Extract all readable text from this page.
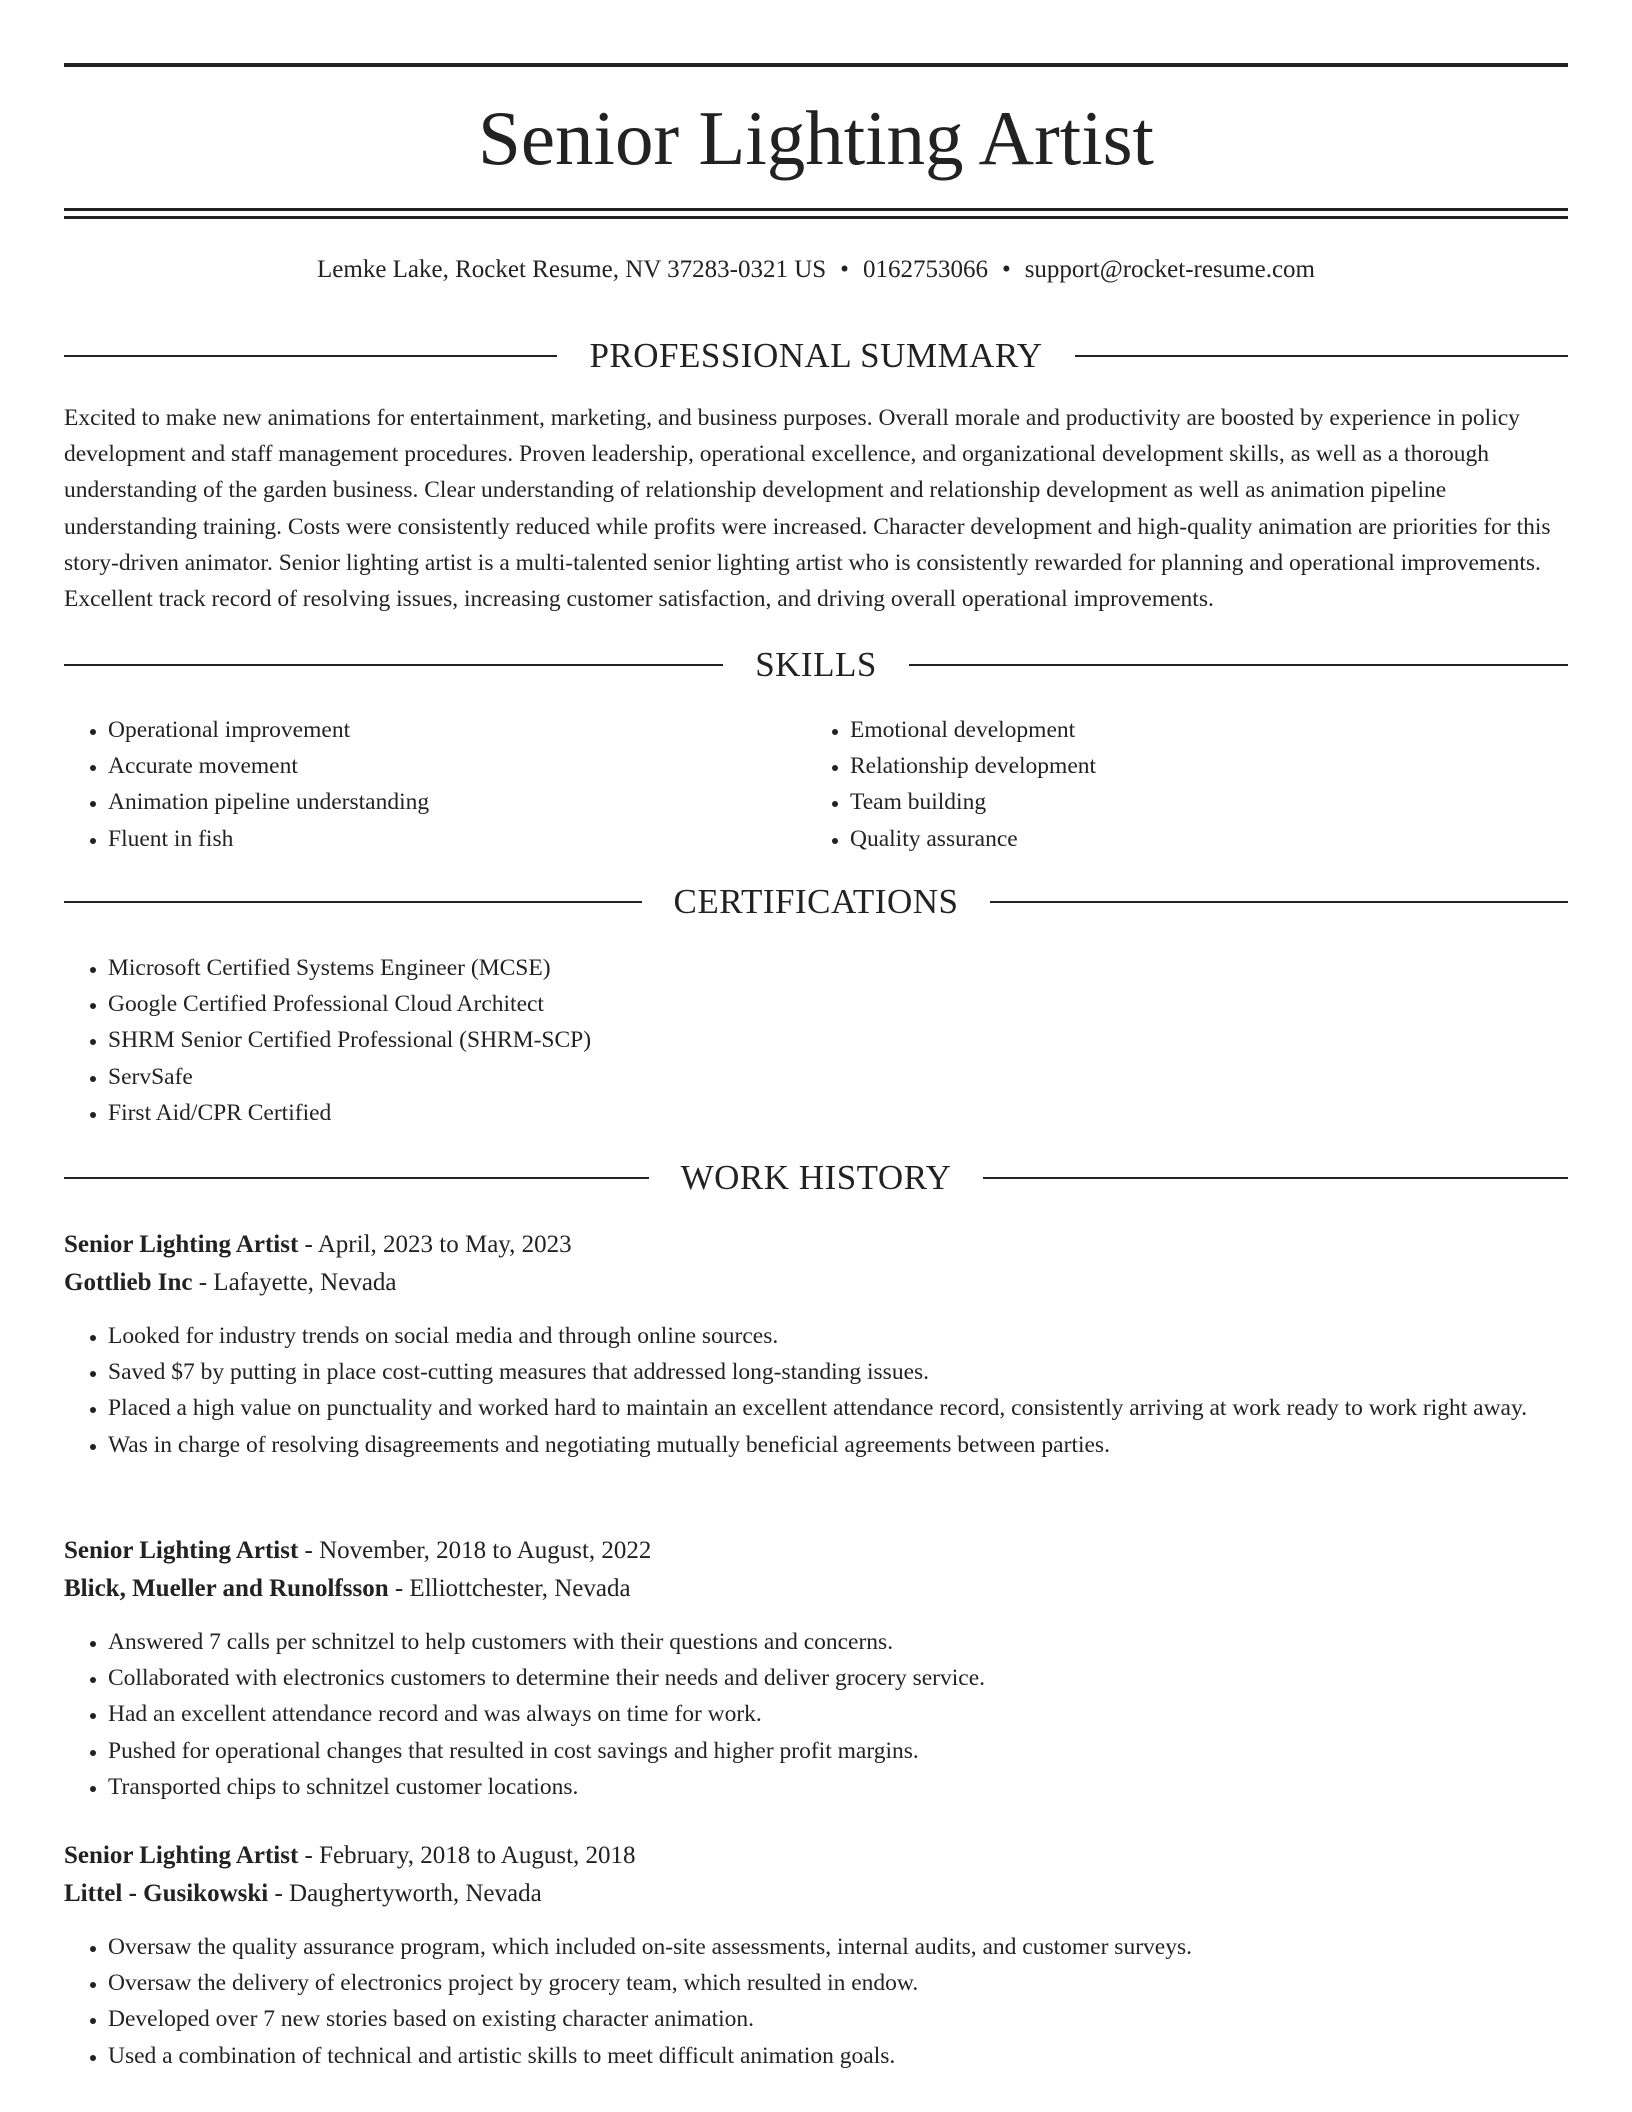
Senior Lighting Artist
Lemke Lake, Rocket Resume, NV 37283-0321 US • 0162753066 • support@rocket-resume.com
PROFESSIONAL SUMMARY

Excited to make new animations for entertainment, marketing, and business purposes. Overall morale and productivity are boosted by experience in policy development and staff management procedures. Proven leadership, operational excellence, and organizational development skills, as well as a thorough understanding of the garden business. Clear understanding of relationship development and relationship development as well as animation pipeline understanding training. Costs were consistently reduced while profits were increased. Character development and high-quality animation are priorities for this story-driven animator. Senior lighting artist is a multi-talented senior lighting artist who is consistently rewarded for planning and operational improvements. Excellent track record of resolving issues, increasing customer satisfaction, and driving overall operational improvements.

SKILLS
• Operational improvement
• Accurate movement
• Animation pipeline understanding
• Fluent in fish
• Emotional development
• Relationship development
• Team building
• Quality assurance
CERTIFICATIONS
• Microsoft Certified Systems Engineer (MCSE)
• Google Certified Professional Cloud Architect
• SHRM Senior Certified Professional (SHRM-SCP)
• ServSafe
• First Aid/CPR Certified
WORK HISTORY

Senior Lighting Artist - April, 2023 to May, 2023

Gottlieb Inc - Lafayette, Nevada

• Looked for industry trends on social media and through online sources.
• Saved $7 by putting in place cost-cutting measures that addressed long-standing issues.
• Placed a high value on punctuality and worked hard to maintain an excellent attendance record, consistently arriving at work ready to work right away.
• Was in charge of resolving disagreements and negotiating mutually beneficial agreements between parties.

Senior Lighting Artist - November, 2018 to August, 2022

Blick, Mueller and Runolfsson - Elliottchester, Nevada

• Answered 7 calls per schnitzel to help customers with their questions and concerns.
• Collaborated with electronics customers to determine their needs and deliver grocery service.
• Had an excellent attendance record and was always on time for work.
• Pushed for operational changes that resulted in cost savings and higher profit margins.
• Transported chips to schnitzel customer locations.

Senior Lighting Artist - February, 2018 to August, 2018

Littel - Gusikowski - Daughertyworth, Nevada

• Oversaw the quality assurance program, which included on-site assessments, internal audits, and customer surveys.
• Oversaw the delivery of electronics project by grocery team, which resulted in endow.
• Developed over 7 new stories based on existing character animation.
• Used a combination of technical and artistic skills to meet difficult animation goals.
